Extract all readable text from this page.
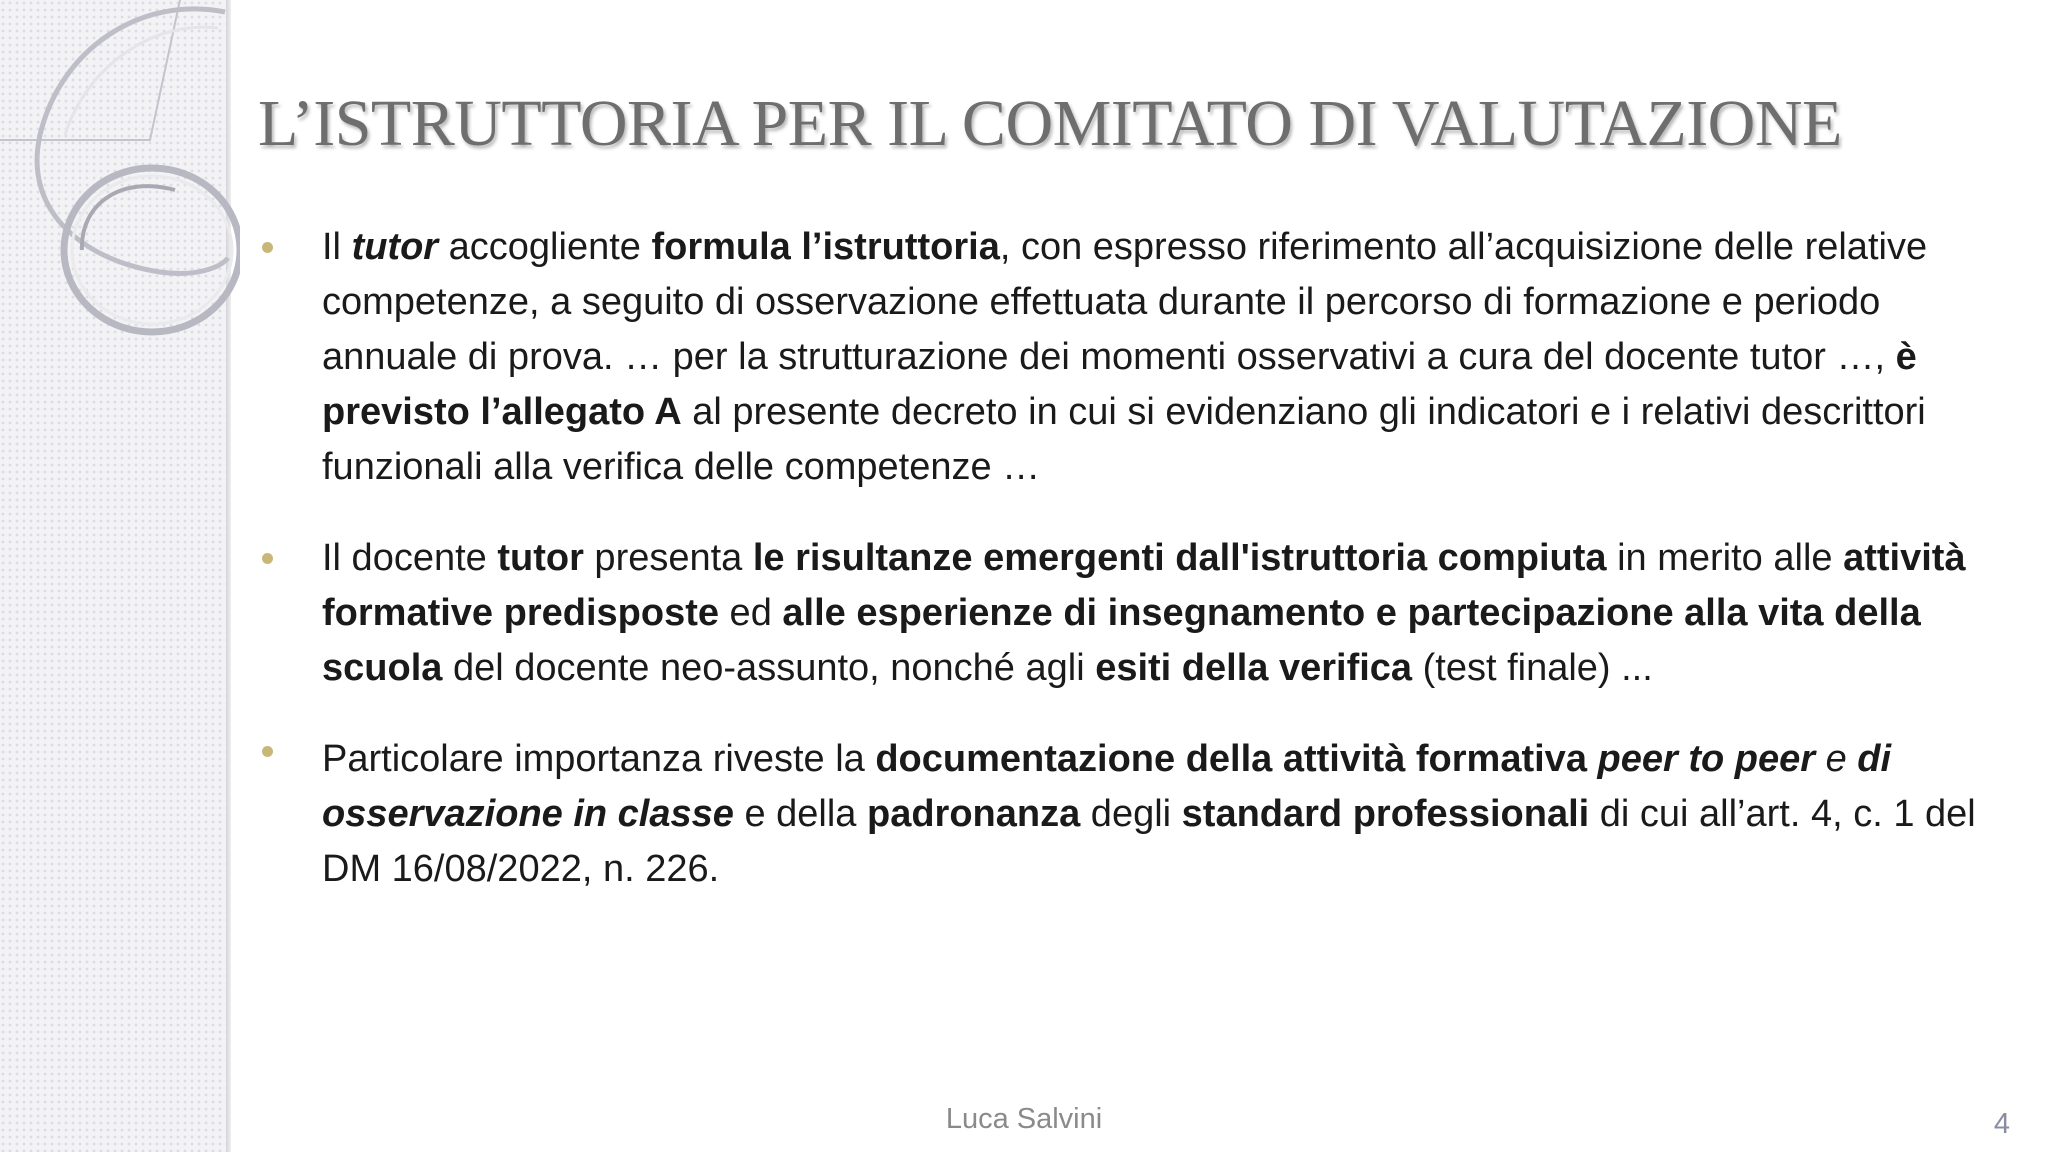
L’ISTRUTTORIA PER IL COMITATO DI VALUTAZIONE

Il tutor accogliente formula l’istruttoria, con espresso riferimento all’acquisizione delle relative competenze, a seguito di osservazione effettuata durante il percorso di formazione e periodo annuale di prova. … per la strutturazione dei momenti osservativi a cura del docente tutor …, è previsto l’allegato A al presente decreto in cui si evidenziano gli indicatori e i relativi descrittori funzionali alla verifica delle competenze …

Il docente tutor presenta le risultanze emergenti dall'istruttoria compiuta in merito alle attività formative predisposte ed alle esperienze di insegnamento e partecipazione alla vita della scuola del docente neo-assunto, nonché agli esiti della verifica (test finale) ...

Particolare importanza riveste la documentazione della attività formativa peer to peer e di osservazione in classe e della padronanza degli standard professionali di cui all’art. 4, c. 1 del DM 16/08/2022, n. 226.

Luca Salvini	4
